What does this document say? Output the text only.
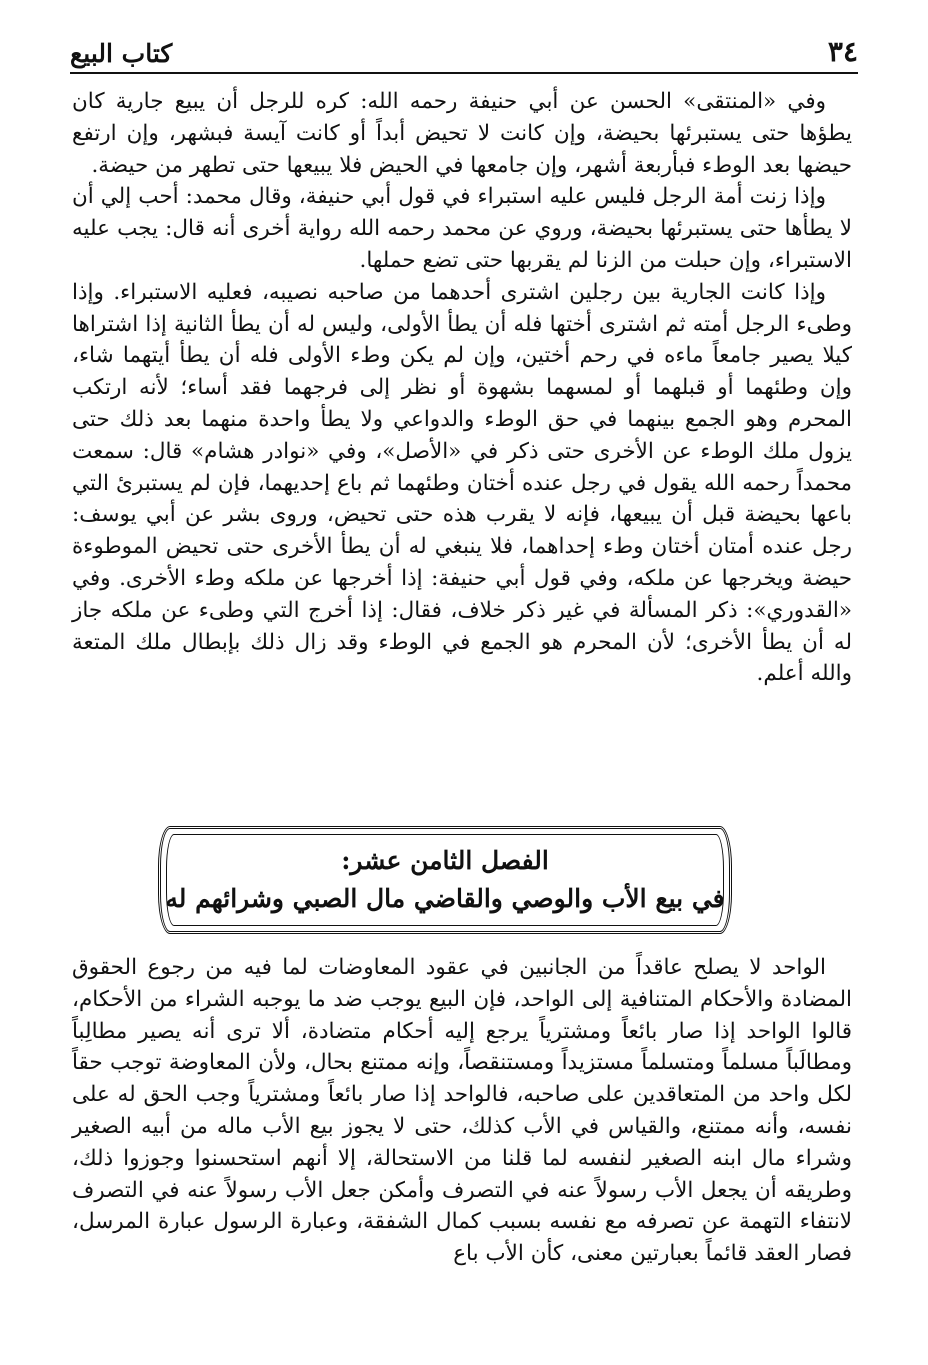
٣٤
كتاب البيع

وفي «المنتقى» الحسن عن أبي حنيفة رحمه الله: كره للرجل أن يبيع جارية كان يطؤها حتى يستبرئها بحيضة، وإن كانت لا تحيض أبداً أو كانت آيسة فبشهر، وإن ارتفع حيضها بعد الوطء فبأربعة أشهر، وإن جامعها في الحيض فلا يبيعها حتى تطهر من حيضة.

وإذا زنت أمة الرجل فليس عليه استبراء في قول أبي حنيفة، وقال محمد: أحب إلي أن لا يطأها حتى يستبرئها بحيضة، وروي عن محمد رحمه الله رواية أخرى أنه قال: يجب عليه الاستبراء، وإن حبلت من الزنا لم يقربها حتى تضع حملها.

وإذا كانت الجارية بين رجلين اشترى أحدهما من صاحبه نصيبه، فعليه الاستبراء. وإذا وطىء الرجل أمته ثم اشترى أختها فله أن يطأ الأولى، وليس له أن يطأ الثانية إذا اشتراها كيلا يصير جامعاً ماءه في رحم أختين، وإن لم يكن وطء الأولى فله أن يطأ أيتهما شاء، وإن وطئهما أو قبلهما أو لمسهما بشهوة أو نظر إلى فرجهما فقد أساء؛ لأنه ارتكب المحرم وهو الجمع بينهما في حق الوطء والدواعي ولا يطأ واحدة منهما بعد ذلك حتى يزول ملك الوطء عن الأخرى حتى ذكر في «الأصل»، وفي «نوادر هشام» قال: سمعت محمداً رحمه الله يقول في رجل عنده أختان وطئهما ثم باع إحديهما، فإن لم يستبرئ التي باعها بحيضة قبل أن يبيعها، فإنه لا يقرب هذه حتى تحيض، وروى بشر عن أبي يوسف: رجل عنده أمتان أختان وطء إحداهما، فلا ينبغي له أن يطأ الأخرى حتى تحيض الموطوءة حيضة ويخرجها عن ملكه، وفي قول أبي حنيفة: إذا أخرجها عن ملكه وطء الأخرى. وفي «القدوري»: ذكر المسألة في غير ذكر خلاف، فقال: إذا أخرج التي وطىء عن ملكه جاز له أن يطأ الأخرى؛ لأن المحرم هو الجمع في الوطء وقد زال ذلك بإبطال ملك المتعة والله أعلم.

الفصل الثامن عشر:
في بيع الأب والوصي والقاضي مال الصبي وشرائهم له

الواحد لا يصلح عاقداً من الجانبين في عقود المعاوضات لما فيه من رجوع الحقوق المضادة والأحكام المتنافية إلى الواحد، فإن البيع يوجب ضد ما يوجبه الشراء من الأحكام، قالوا الواحد إذا صار بائعاً ومشترياً يرجع إليه أحكام متضادة، ألا ترى أنه يصير مطالِباً ومطالَباً مسلماً ومتسلماً مستزيداً ومستنقصاً، وإنه ممتنع بحال، ولأن المعاوضة توجب حقاً لكل واحد من المتعاقدين على صاحبه، فالواحد إذا صار بائعاً ومشترياً وجب الحق له على نفسه، وأنه ممتنع، والقياس في الأب كذلك، حتى لا يجوز بيع الأب ماله من أبيه الصغير وشراء مال ابنه الصغير لنفسه لما قلنا من الاستحالة، إلا أنهم استحسنوا وجوزوا ذلك، وطريقه أن يجعل الأب رسولاً عنه في التصرف وأمكن جعل الأب رسولاً عنه في التصرف لانتفاء التهمة عن تصرفه مع نفسه بسبب كمال الشفقة، وعبارة الرسول عبارة المرسل، فصار العقد قائماً بعبارتين معنى، كأن الأب باع
